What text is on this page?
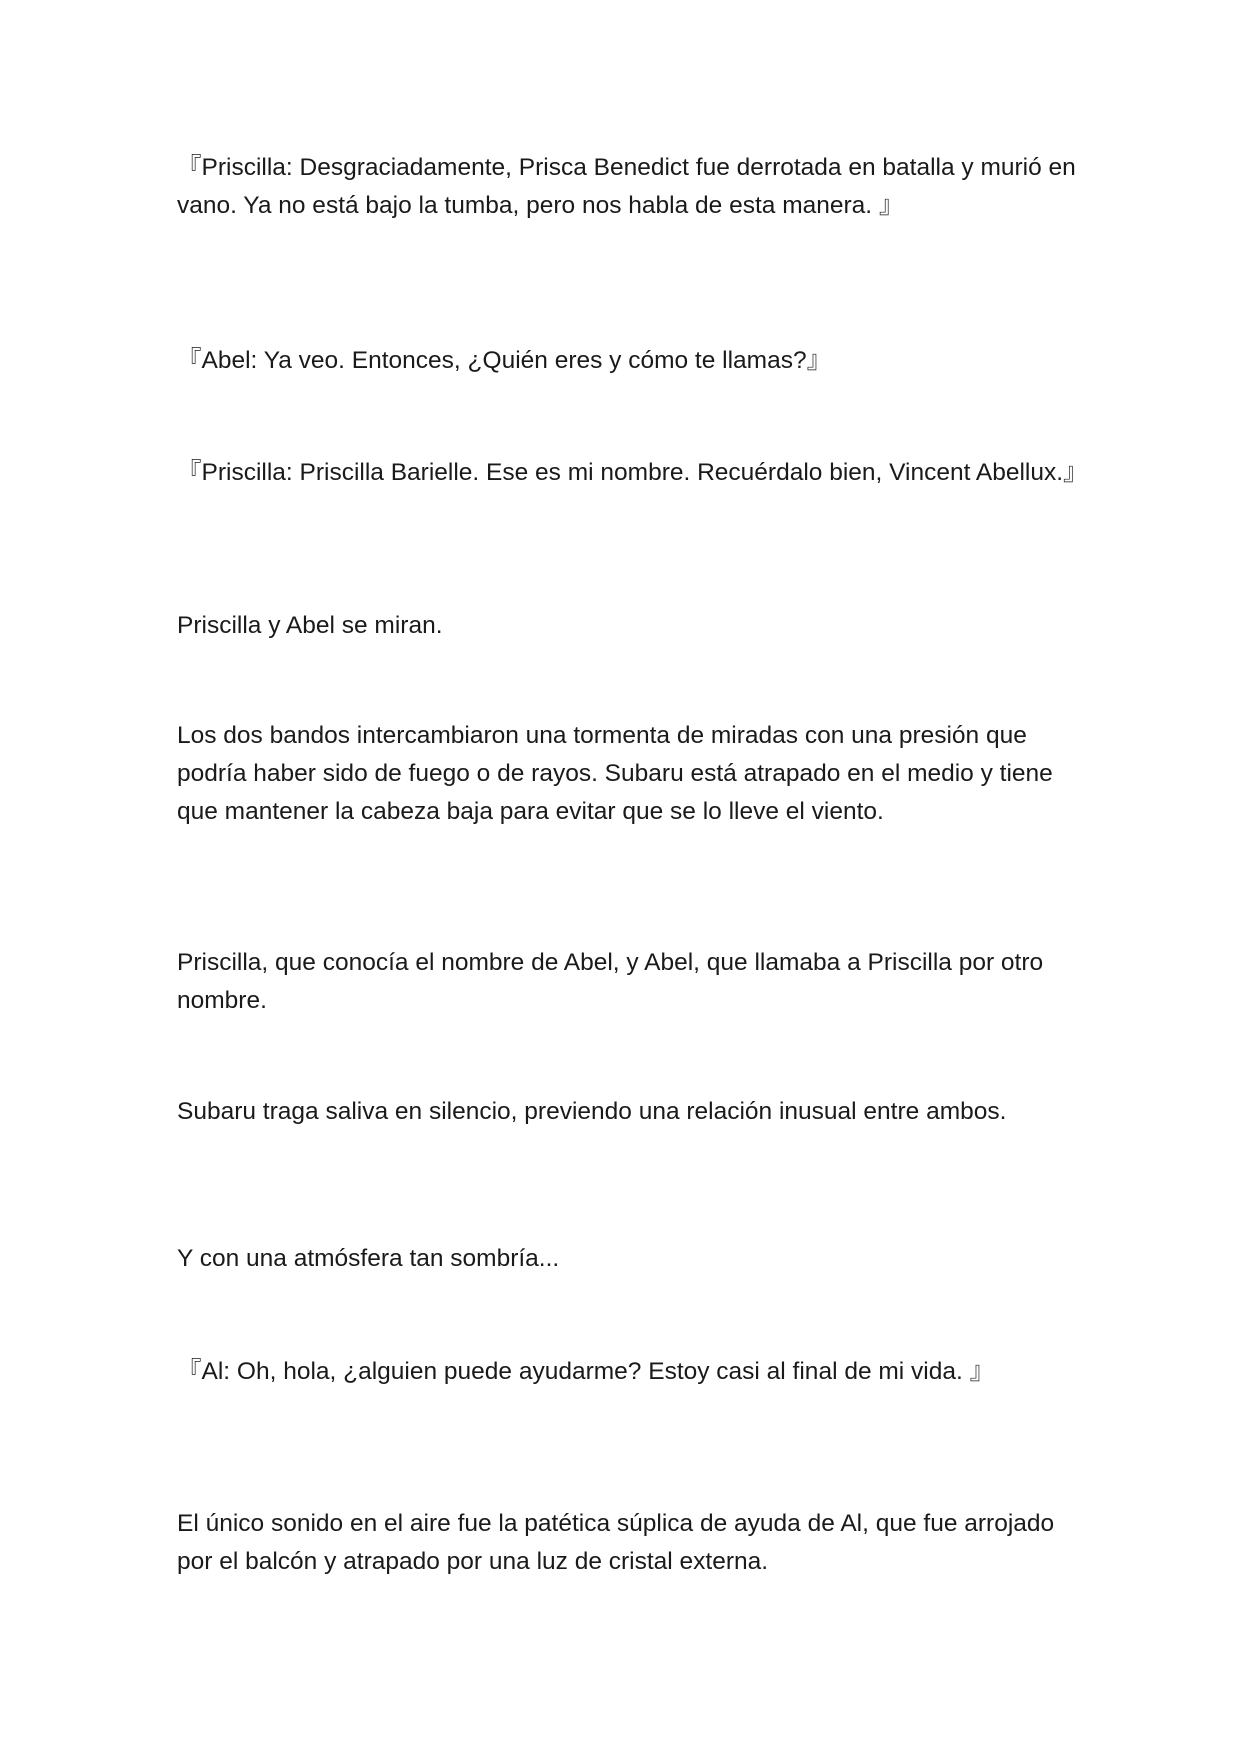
『Priscilla: Desgraciadamente, Prisca Benedict fue derrotada en batalla y murió en vano. Ya no está bajo la tumba, pero nos habla de esta manera. 』

『Abel: Ya veo. Entonces, ¿Quién eres y cómo te llamas?』

『Priscilla: Priscilla Barielle. Ese es mi nombre. Recuérdalo bien, Vincent Abellux.』

Priscilla y Abel se miran.

Los dos bandos intercambiaron una tormenta de miradas con una presión que podría haber sido de fuego o de rayos. Subaru está atrapado en el medio y tiene que mantener la cabeza baja para evitar que se lo lleve el viento.

Priscilla, que conocía el nombre de Abel, y Abel, que llamaba a Priscilla por otro nombre.

Subaru traga saliva en silencio, previendo una relación inusual entre ambos.

Y con una atmósfera tan sombría...

『Al: Oh, hola, ¿alguien puede ayudarme? Estoy casi al final de mi vida. 』

El único sonido en el aire fue la patética súplica de ayuda de Al, que fue arrojado por el balcón y atrapado por una luz de cristal externa.
